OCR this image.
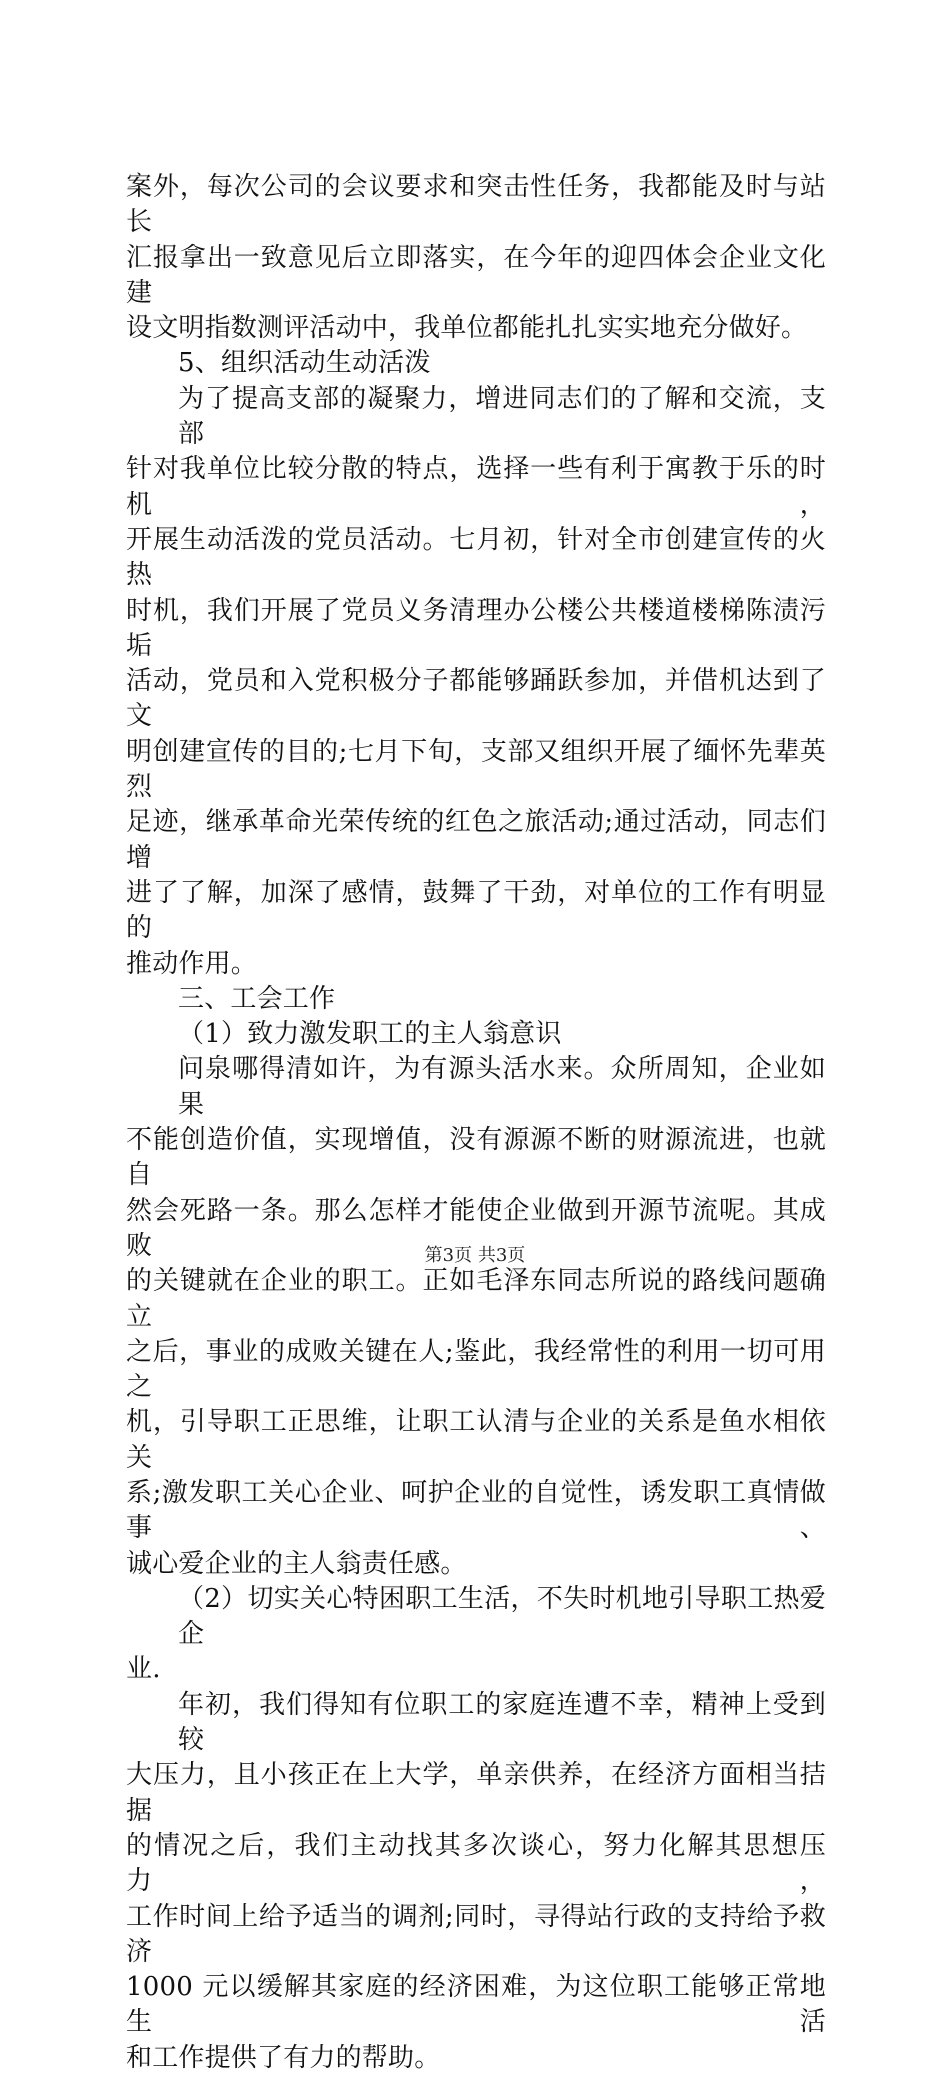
案外，每次公司的会议要求和突击性任务，我都能及时与站长
汇报拿出一致意见后立即落实，在今年的迎四体会企业文化建
设文明指数测评活动中，我单位都能扎扎实实地充分做好。
5、组织活动生动活泼
为了提高支部的凝聚力，增进同志们的了解和交流，支部
针对我单位比较分散的特点，选择一些有利于寓教于乐的时机，
开展生动活泼的党员活动。七月初，针对全市创建宣传的火热
时机，我们开展了党员义务清理办公楼公共楼道楼梯陈渍污垢
活动，党员和入党积极分子都能够踊跃参加，并借机达到了文
明创建宣传的目的;七月下旬，支部又组织开展了缅怀先辈英烈
足迹，继承革命光荣传统的红色之旅活动;通过活动，同志们增
进了了解，加深了感情，鼓舞了干劲，对单位的工作有明显的
推动作用。
三、工会工作
（1）致力激发职工的主人翁意识
问泉哪得清如许，为有源头活水来。众所周知，企业如果
不能创造价值，实现增值，没有源源不断的财源流进，也就自
然会死路一条。那么怎样才能使企业做到开源节流呢。其成败
的关键就在企业的职工。正如毛泽东同志所说的路线问题确立
之后，事业的成败关键在人;鉴此，我经常性的利用一切可用之
机，引导职工正思维，让职工认清与企业的关系是鱼水相依关
系;激发职工关心企业、呵护企业的自觉性，诱发职工真情做事、
诚心爱企业的主人翁责任感。
（2）切实关心特困职工生活，不失时机地引导职工热爱企
业.
年初，我们得知有位职工的家庭连遭不幸，精神上受到较
大压力，且小孩正在上大学，单亲供养，在经济方面相当拮据
的情况之后，我们主动找其多次谈心，努力化解其思想压力，
工作时间上给予适当的调剂;同时，寻得站行政的支持给予救济
1000 元以缓解其家庭的经济困难，为这位职工能够正常地生活
和工作提供了有力的帮助。
第3页 共3页
